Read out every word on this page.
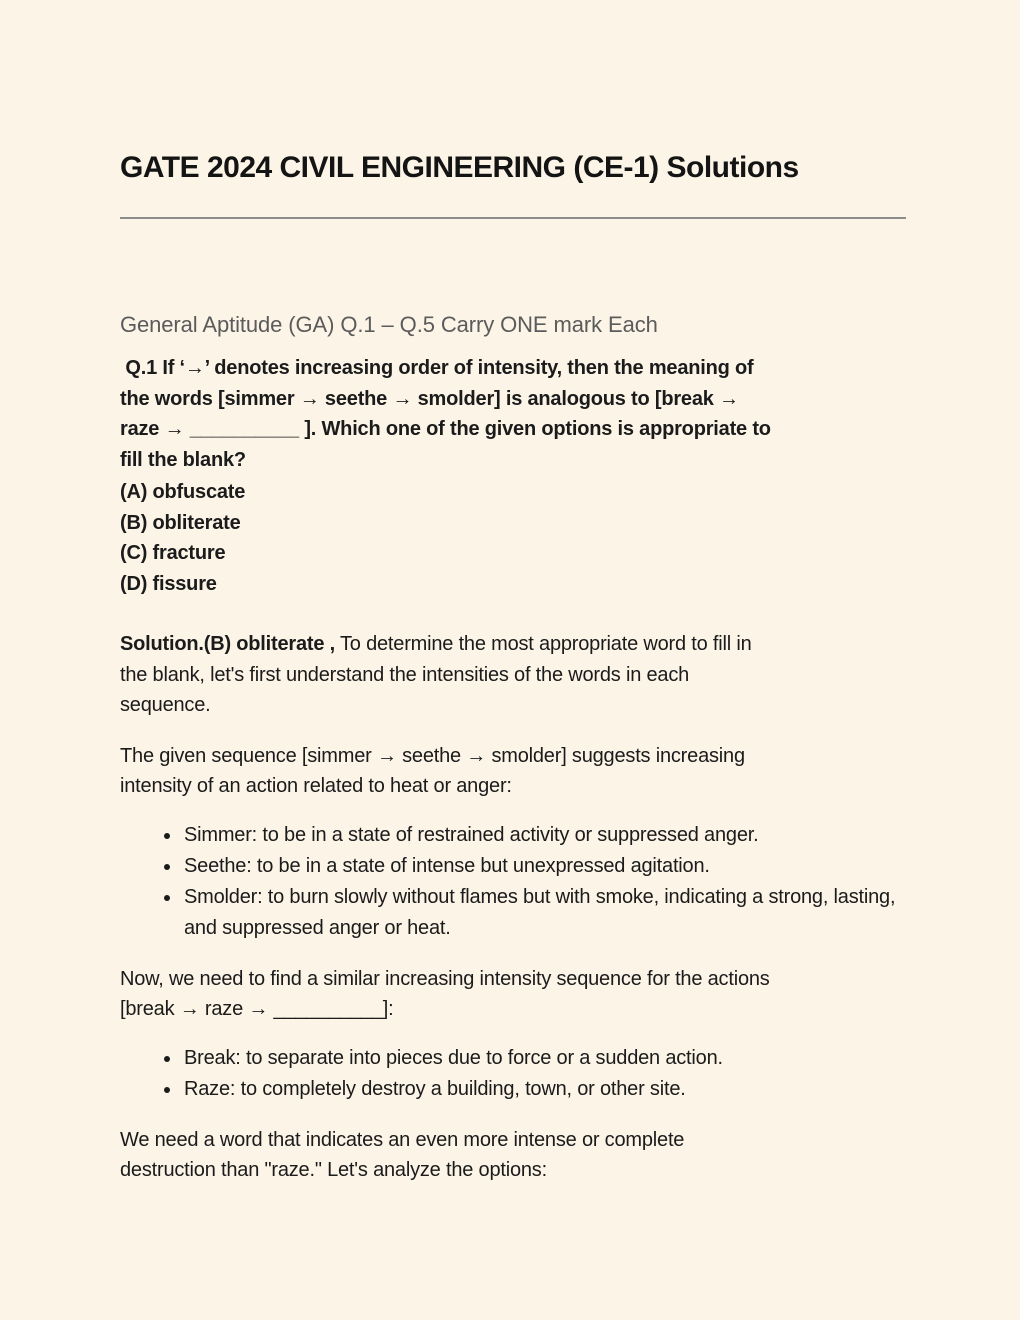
GATE 2024 CIVIL ENGINEERING (CE-1) Solutions

General Aptitude (GA) Q.1 – Q.5 Carry ONE mark Each

Q.1 If ‘→’ denotes increasing order of intensity, then the meaning of
the words [simmer → seethe → smolder] is analogous to [break →
raze → __________ ]. Which one of the given options is appropriate to
fill the blank?
(A) obfuscate
(B) obliterate
(C) fracture
(D) fissure
Solution.(B) obliterate , To determine the most appropriate word to fill in
the blank, let's first understand the intensities of the words in each
sequence.
The given sequence [simmer → seethe → smolder] suggests increasing
intensity of an action related to heat or anger:
• Simmer: to be in a state of restrained activity or suppressed anger.
• Seethe: to be in a state of intense but unexpressed agitation.
• Smolder: to burn slowly without flames but with smoke, indicating a strong, lasting, and suppressed anger or heat.
Now, we need to find a similar increasing intensity sequence for the actions
[break → raze → __________]:
• Break: to separate into pieces due to force or a sudden action.
• Raze: to completely destroy a building, town, or other site.
We need a word that indicates an even more intense or complete
destruction than "raze." Let's analyze the options:
